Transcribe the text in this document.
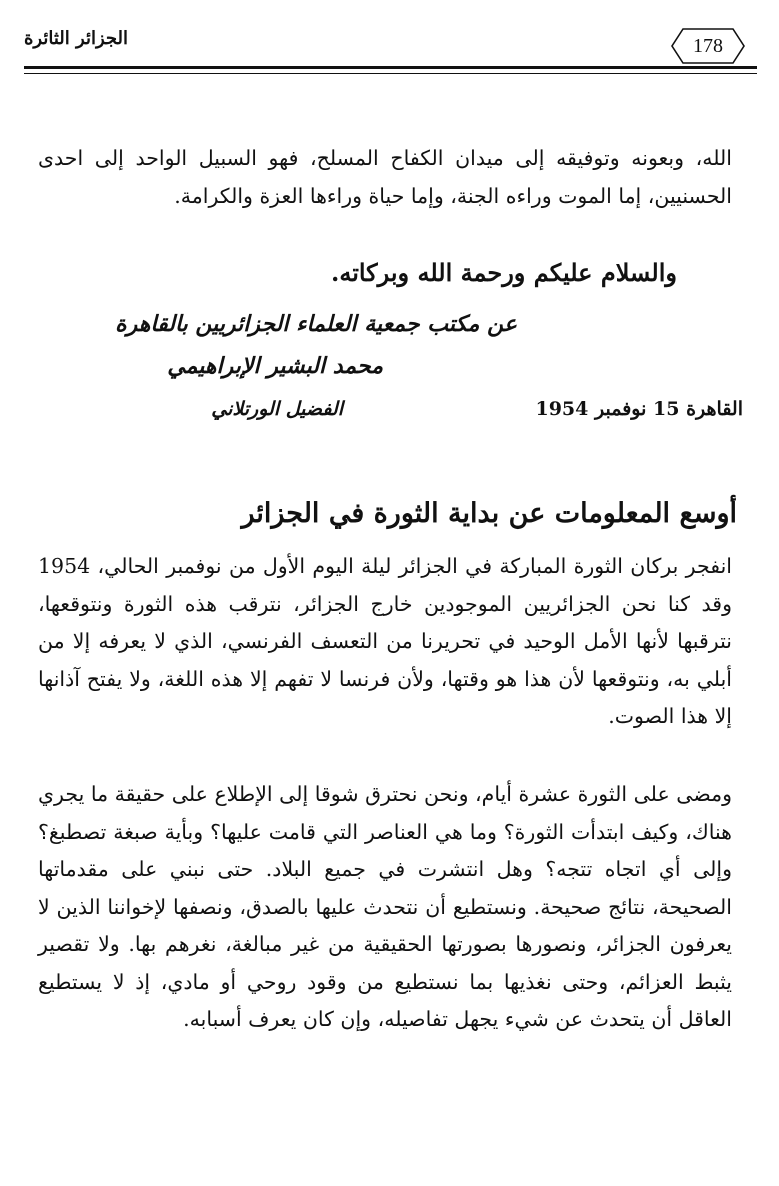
الجزائر الثائرة	178
الله، وبعونه وتوفيقه إلى ميدان الكفاح المسلح، فهو السبيل الواحد إلى احدى الحسنيين، إما الموت وراءه الجنة، وإما حياة وراءها العزة والكرامة.
والسلام عليكم ورحمة الله وبركاته.
عن مكتب جمعية العلماء الجزائريين بالقاهرة
محمد البشير الإبراهيمي
الفضيل الورتلاني	القاهرة 15 نوفمبر 1954
أوسع المعلومات عن بداية الثورة في الجزائر
انفجر بركان الثورة المباركة في الجزائر ليلة اليوم الأول من نوفمبر الحالي، 1954 وقد كنا نحن الجزائريين الموجودين خارج الجزائر، نترقب هذه الثورة ونتوقعها، نترقبها لأنها الأمل الوحيد في تحريرنا من التعسف الفرنسي، الذي لا يعرفه إلا من أبلي به، ونتوقعها لأن هذا هو وقتها، ولأن فرنسا لا تفهم إلا هذه اللغة، ولا يفتح آذانها إلا هذا الصوت.
ومضى على الثورة عشرة أيام، ونحن نحترق شوقا إلى الإطلاع على حقيقة ما يجري هناك، وكيف ابتدأت الثورة؟ وما هي العناصر التي قامت عليها؟ وبأية صبغة تصطبغ؟ وإلى أي اتجاه تتجه؟ وهل انتشرت في جميع البلاد. حتى نبني على مقدماتها الصحيحة، نتائج صحيحة. ونستطيع أن نتحدث عليها بالصدق، ونصفها لإخواننا الذين لا يعرفون الجزائر، ونصورها بصورتها الحقيقية من غير مبالغة، نغرهم بها. ولا تقصير يثبط العزائم، وحتى نغذيها بما نستطيع من وقود روحي أو مادي، إذ لا يستطيع العاقل أن يتحدث عن شيء يجهل تفاصيله، وإن كان يعرف أسبابه.
